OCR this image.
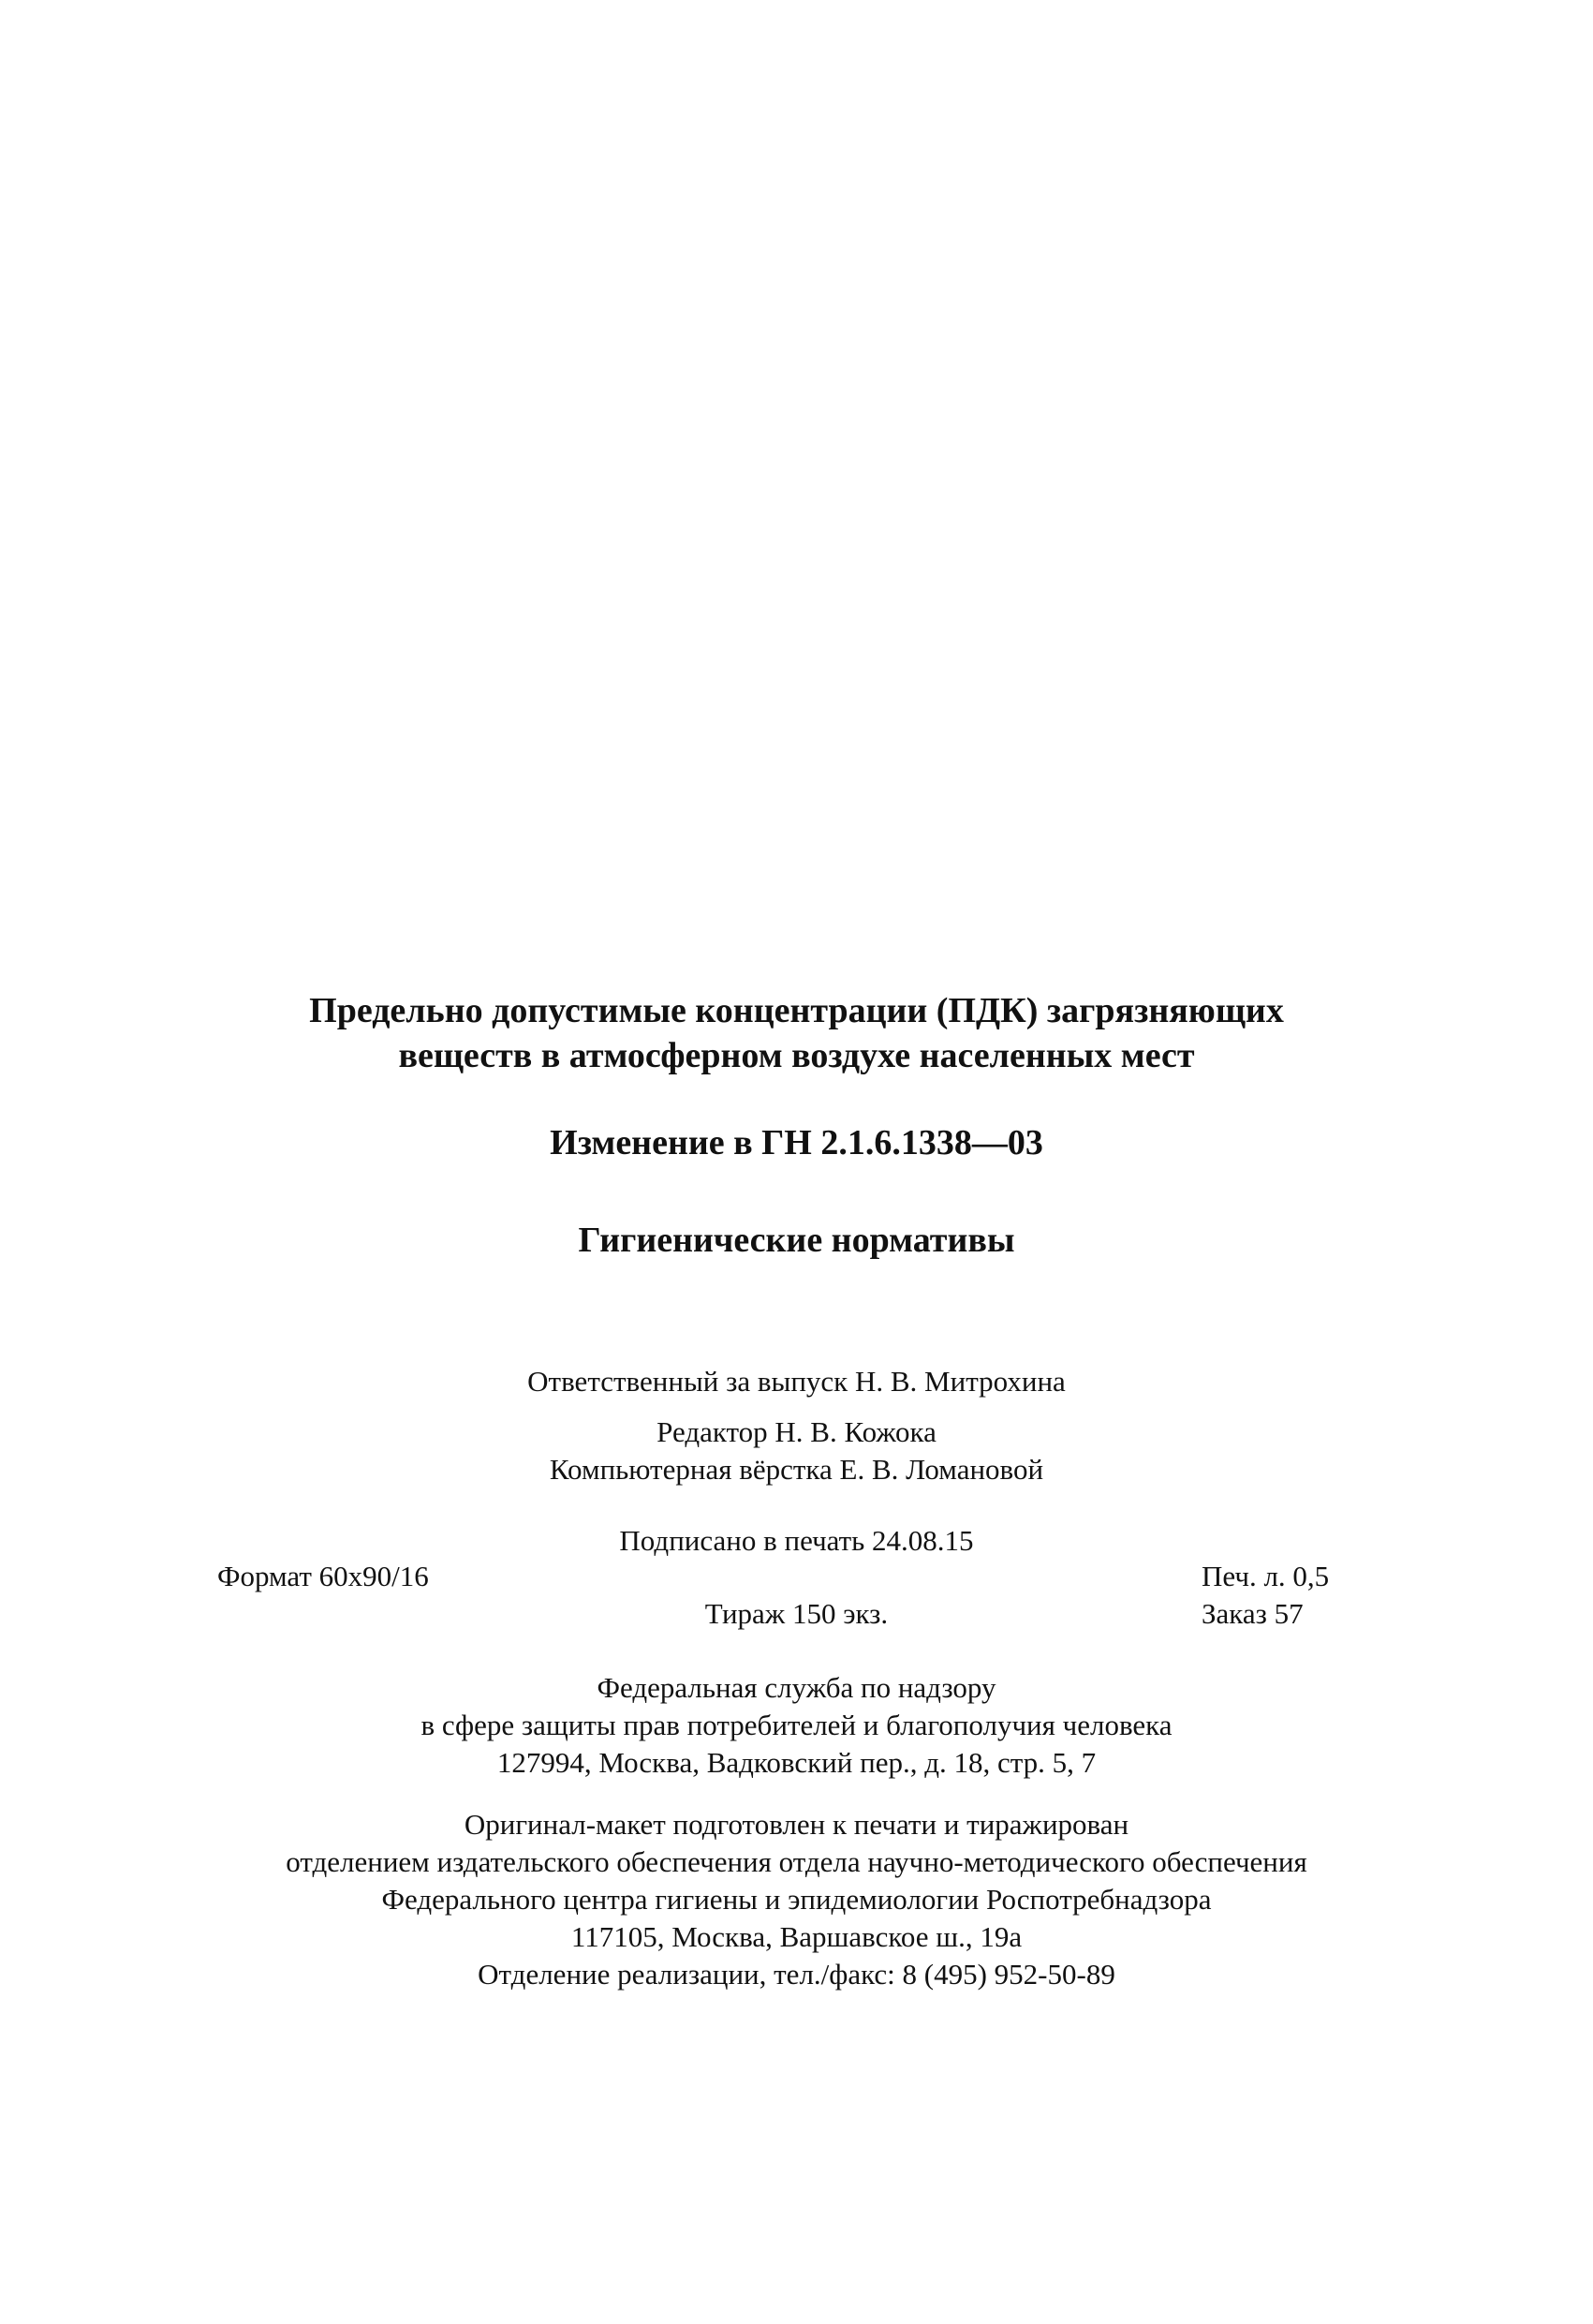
Предельно допустимые концентрации (ПДК) загрязняющих
веществ в атмосферном воздухе населенных мест
Изменение в ГН 2.1.6.1338—03
Гигиенические нормативы
Ответственный за выпуск Н. В. Митрохина
Редактор Н. В. Кожока
Компьютерная вёрстка Е. В. Ломановой
Подписано в печать 24.08.15
Формат 60x90/16	Печ. л. 0,5
Тираж 150 экз.	Заказ 57
Федеральная служба по надзору
в сфере защиты прав потребителей и благополучия человека
127994, Москва, Вадковский пер., д. 18, стр. 5, 7
Оригинал-макет подготовлен к печати и тиражирован
отделением издательского обеспечения отдела научно-методического обеспечения
Федерального центра гигиены и эпидемиологии Роспотребнадзора
117105, Москва, Варшавское ш., 19а
Отделение реализации, тел./факс: 8 (495) 952-50-89
